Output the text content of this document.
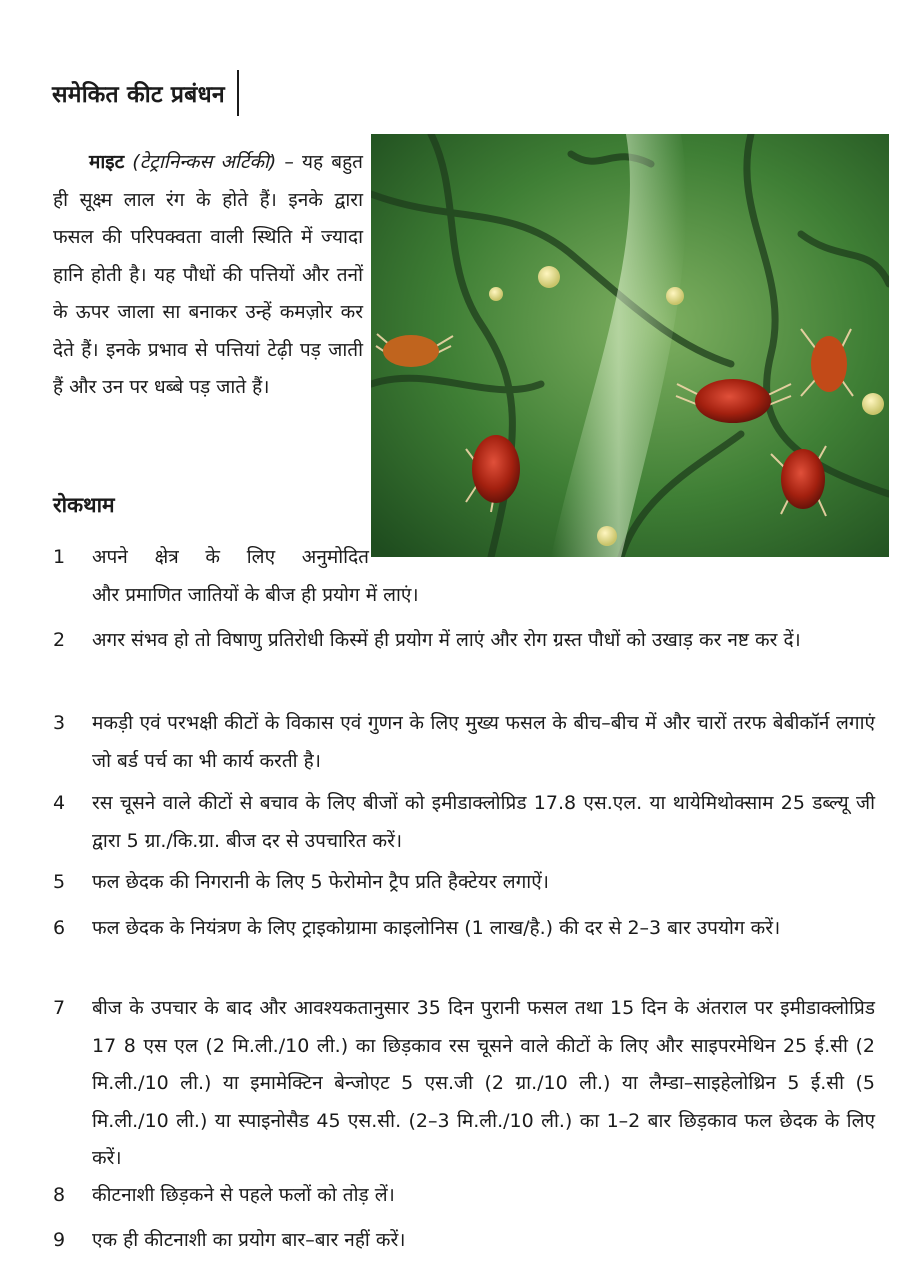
समेकित कीट प्रबंधन
माइट (टेट्रानिन्कस अर्टिकी) – यह बहुत ही सूक्ष्म लाल रंग के होते हैं। इनके द्वारा फसल की परिपक्वता वाली स्थिति में ज्यादा हानि होती है। यह पौधों की पत्तियों और तनों के ऊपर जाला सा बनाकर उन्हें कमज़ोर कर देते हैं। इनके प्रभाव से पत्तियां टेढ़ी पड़ जाती हैं और उन पर धब्बे पड़ जाते हैं।
रोकथाम
1	अपने क्षेत्र के लिए अनुमोदित
और प्रमाणित जातियों के बीज ही प्रयोग में लाएं।
2	अगर संभव हो तो विषाणु प्रतिरोधी किस्में ही प्रयोग में लाएं और रोग ग्रस्त पौधों को उखाड़ कर नष्ट कर दें।
3	मकड़ी एवं परभक्षी कीटों के विकास एवं गुणन के लिए मुख्य फसल के बीच–बीच में और चारों तरफ बेबीकॉर्न लगाएं जो बर्ड पर्च का भी कार्य करती है।
4	रस चूसने वाले कीटों से बचाव के लिए बीजों को इमीडाक्लोप्रिड 17.8 एस.एल. या थायेमिथोक्साम 25 डब्ल्यू जी द्वारा 5 ग्रा./कि.ग्रा. बीज दर से उपचारित करें।
5	फल छेदक की निगरानी के लिए 5 फेरोमोन ट्रैप प्रति हैक्टेयर लगाऐं।
6	फल छेदक के नियंत्रण के लिए ट्राइकोग्रामा काइलोनिस (1 लाख/है.) की दर से 2–3 बार उपयोग करें।
7	बीज के उपचार के बाद और आवश्यकतानुसार 35 दिन पुरानी फसल तथा 15 दिन के अंतराल पर इमीडाक्लोप्रिड 17 8 एस एल (2 मि.ली./10 ली.) का छिड़काव रस चूसने वाले कीटों के लिए और साइपरमेथिन 25 ई.सी (2 मि.ली./10 ली.) या इमामेक्टिन बेन्जोएट 5 एस.जी (2 ग्रा./10 ली.) या लैम्डा–साइहेलोथ्रिन 5 ई.सी (5 मि.ली./10 ली.) या स्पाइनोसैड 45 एस.सी. (2–3 मि.ली./10 ली.) का 1–2 बार छिड़काव फल छेदक के लिए करें।
8	कीटनाशी छिड़कने से पहले फलों को तोड़ लें।
9	एक ही कीटनाशी का प्रयोग बार–बार नहीं करें।
